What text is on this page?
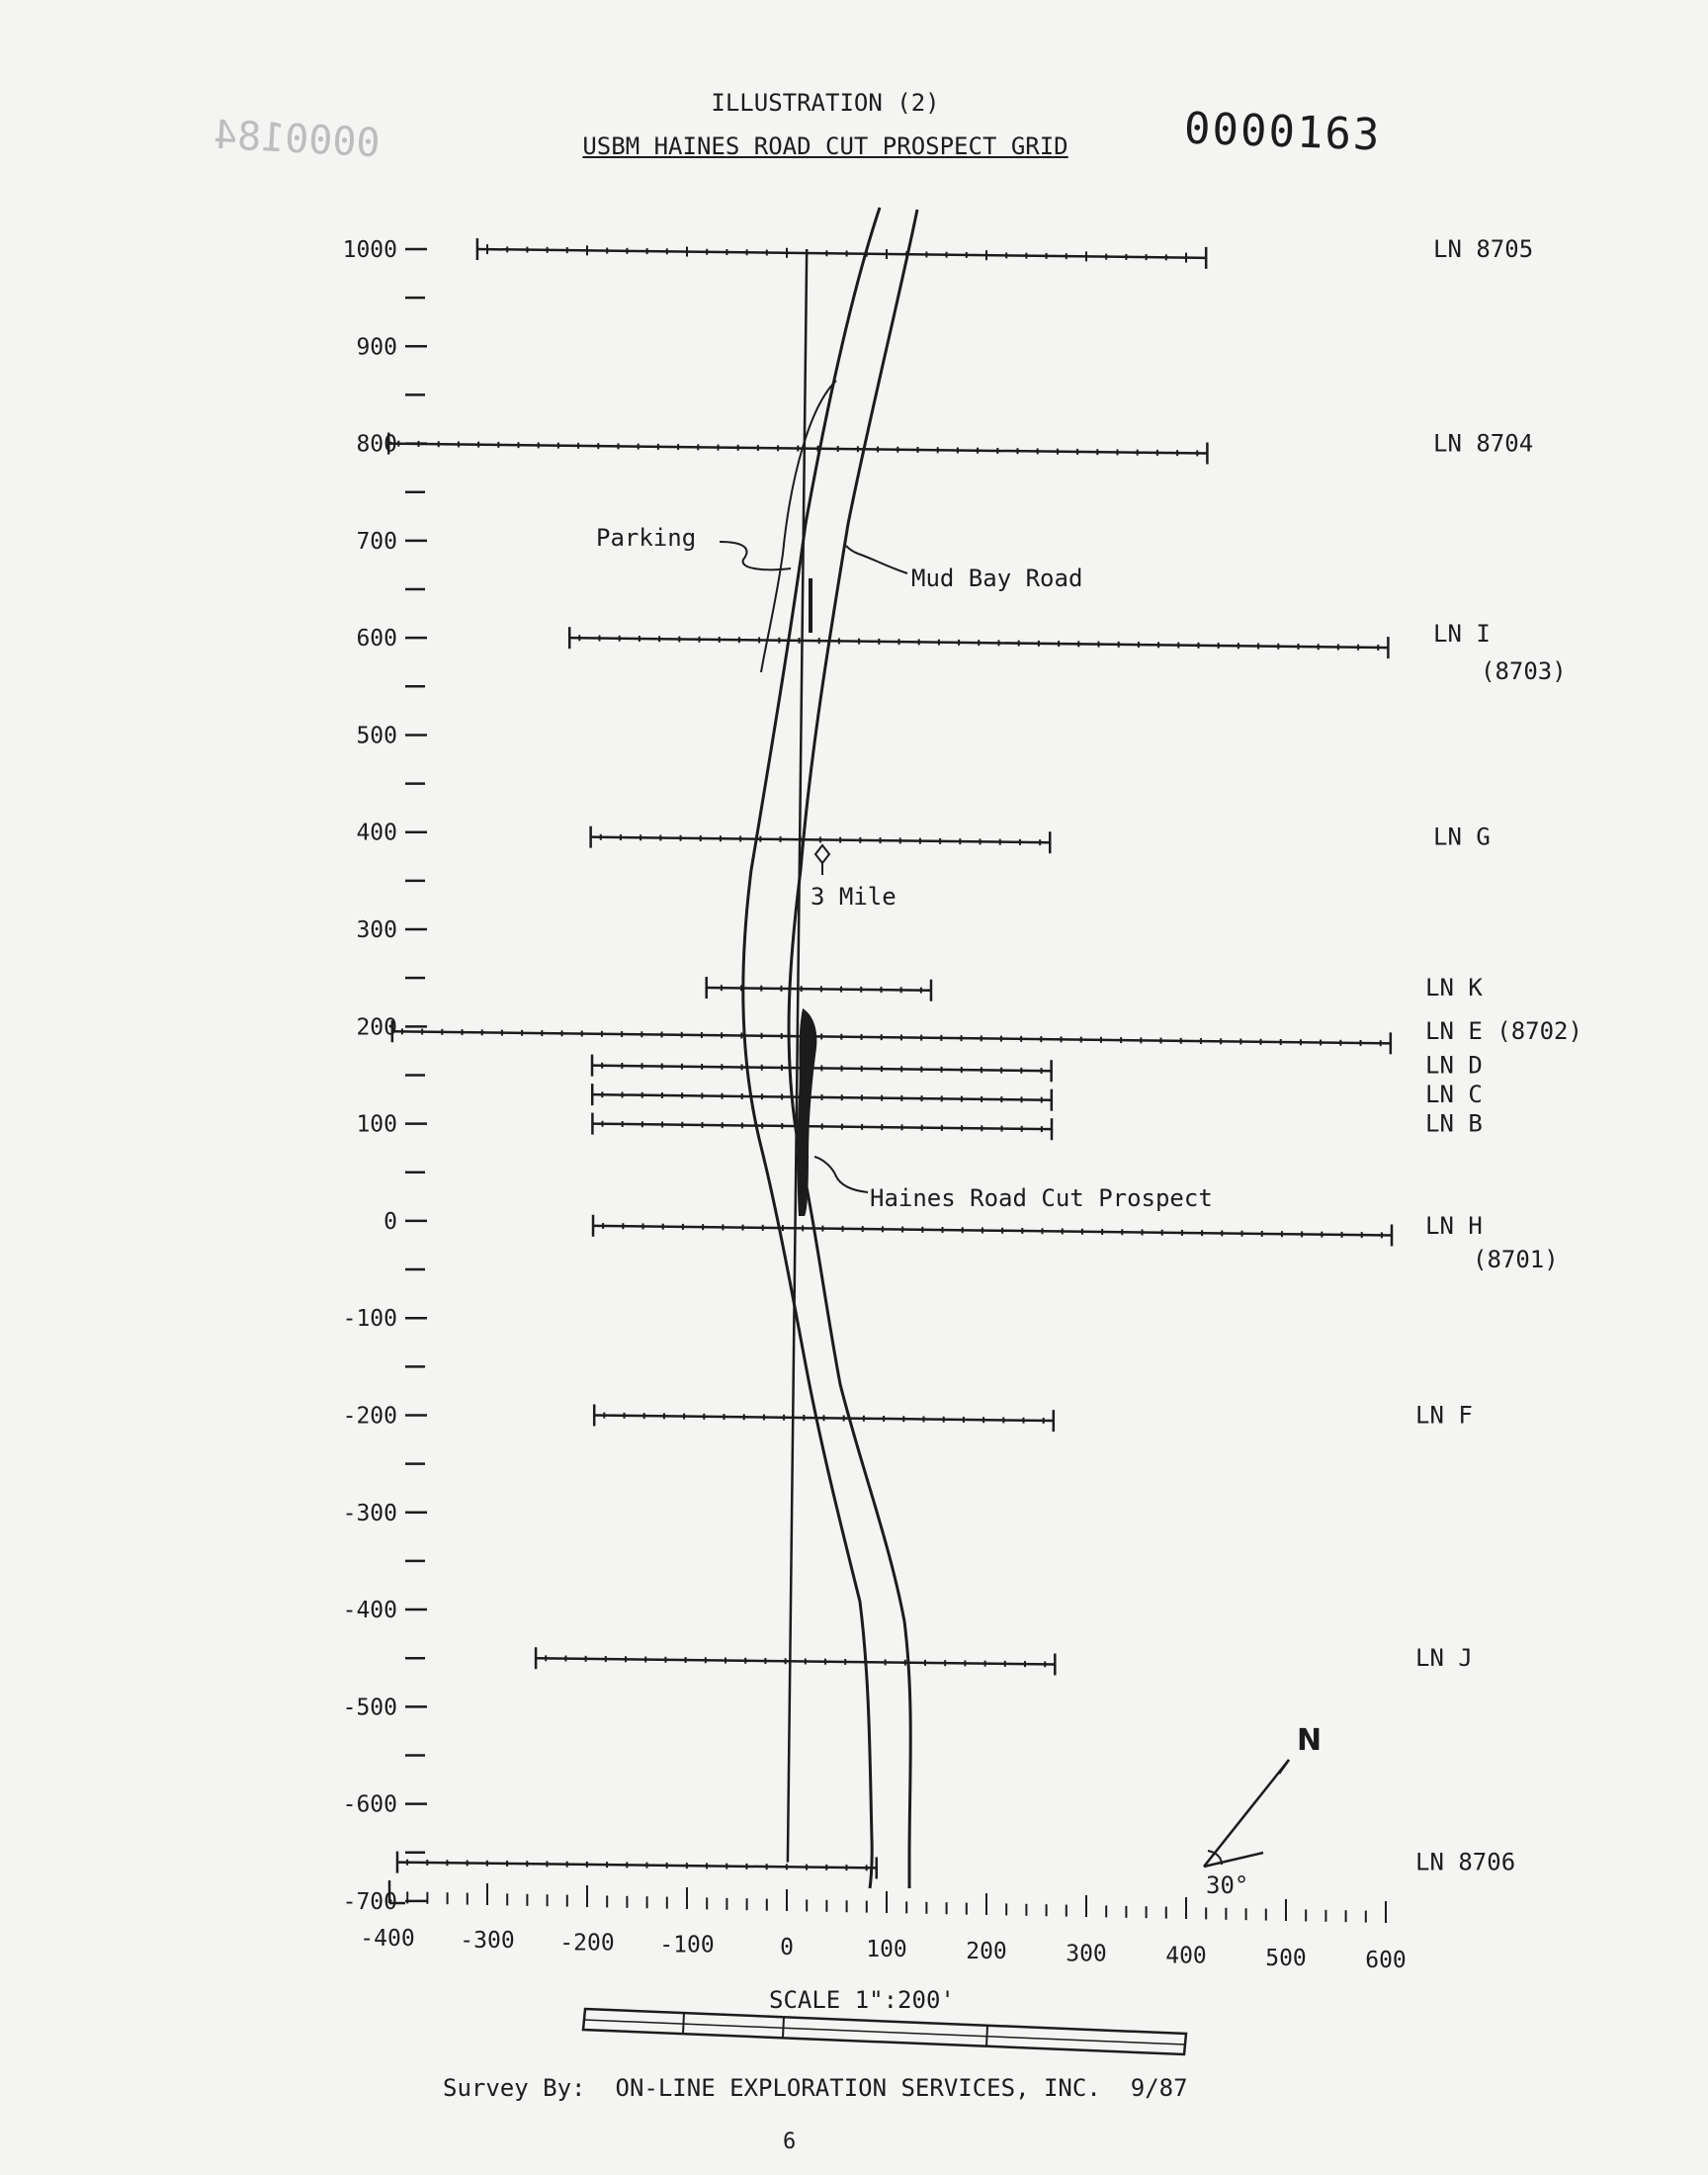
ILLUSTRATION (2)
USBM HAINES ROAD CUT PROSPECT GRID	0000163
0000184
1000
900
800
700
600
500
400
300
200
100
0
-100
-200
-300
-400
-500
-600
-700
-400 -300 -200 -100	0	100	200	300	400	500	600
LN 8705
LN 8704
LN I
(8703)
LN G
LN K
LN E (8702)
LN D
LN C
LN B
LN H
(8701)
LN F
LN J
LN 8706
Parking
Mud Bay Road
3 Mile
Haines Road Cut Prospect
N
30°
SCALE 1":200'
Survey By: ON-LINE EXPLORATION SERVICES, INC. 9/87
6
